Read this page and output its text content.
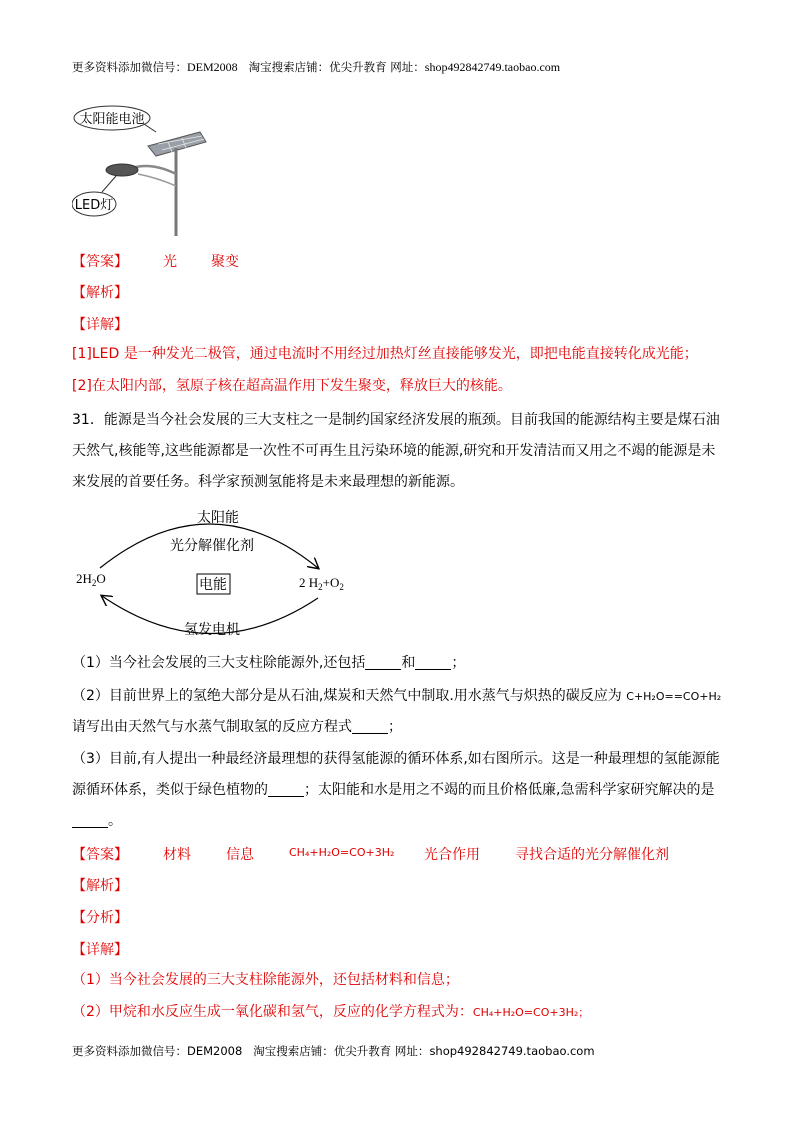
更多资料添加微信号：DEM2008 淘宝搜索店铺：优尖升教育 网址：shop492842749.taobao.com
太阳能电池
LED灯
【答案】	光 聚变
【解析】
【详解】
[1]LED 是一种发光二极管，通过电流时不用经过加热灯丝直接能够发光，即把电能直接转化成光能；
[2]在太阳内部，氢原子核在超高温作用下发生聚变，释放巨大的核能。
31．能源是当今社会发展的三大支柱之一是制约国家经济发展的瓶颈。目前我国的能源结构主要是煤石油
天然气,核能等,这些能源都是一次性不可再生且污染环境的能源,研究和开发清洁而又用之不竭的能源是未
来发展的首要任务。科学家预测氢能将是未来最理想的新能源。
太阳能
光分解催化剂
$2H_2O$	电能	2 $H_2+O_2$
氢发电机
（1）当今社会发展的三大支柱除能源外,还包括	和	；
（2）目前世界上的氢绝大部分是从石油,煤炭和天然气中制取.用水蒸气与炽热的碳反应为 C+H₂O==CO+H₂
请写出由天然气与水蒸气制取氢的反应方程式	；
（3）目前,有人提出一种最经济最理想的获得氢能源的循环体系,如右图所示。这是一种最理想的氢能源能
源循环体系，类似于绿色植物的	；太阳能和水是用之不竭的而且价格低廉,急需科学家研究解决的是
。
【答案】	材料	信息	CH₄+H₂O=CO+3H₂ 光合作用	寻找合适的光分解催化剂
【解析】
【分析】
【详解】
（1）当今社会发展的三大支柱除能源外，还包括材料和信息；
（2）甲烷和水反应生成一氧化碳和氢气，反应的化学方程式为：CH₄+H₂O=CO+3H₂；
更多资料添加微信号：DEM2008 淘宝搜索店铺：优尖升教育 网址：shop492842749.taobao.com
